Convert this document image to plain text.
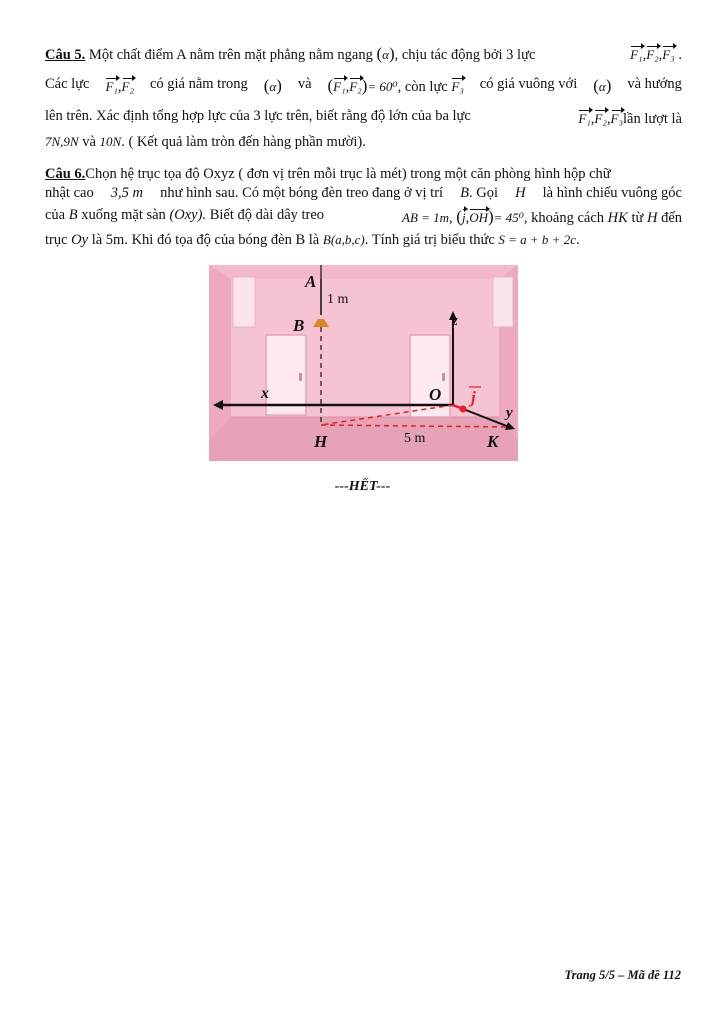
Câu 5. Một chất điểm A nằm trên mặt phẳng nằm ngang (α), chịu tác động bởi 3 lực	F₁,F₂,F₃ .
Các lực F₁,F₂ có giá nằm trong (α) và (F₁,F₂)= 60⁰, còn lực F₃ có giá vuông với (α) và hướng
lên trên. Xác định tổng hợp lực của 3 lực trên, biết rằng độ lớn của ba lực	F₁,F₂,F₃lần lượt là
7N,9N và 10N. ( Kết quả làm tròn đến hàng phần mười).
Câu 6.Chọn hệ trục tọa độ Oxyz ( đơn vị trên mỗi trục là mét) trong một căn phòng hình hộp chữ
nhật cao 3,5 m như hình sau. Có một bóng đèn treo đang ở vị trí B. Gọi H là hình chiếu vuông góc
của B xuống mặt sàn (Oxy). Biết độ dài dây treo	AB = 1m, (j,OH)= 45⁰, khoảng cách HK từ H đến
trục Oy là 5m. Khi đó tọa độ của bóng đèn B là B(a,b,c). Tính giá trị biểu thức S = a + b + 2c.
A
1 m
B	z
x	O j
y
H	5 m	K
---HẾT---
Trang 5/5 – Mã đề 112
